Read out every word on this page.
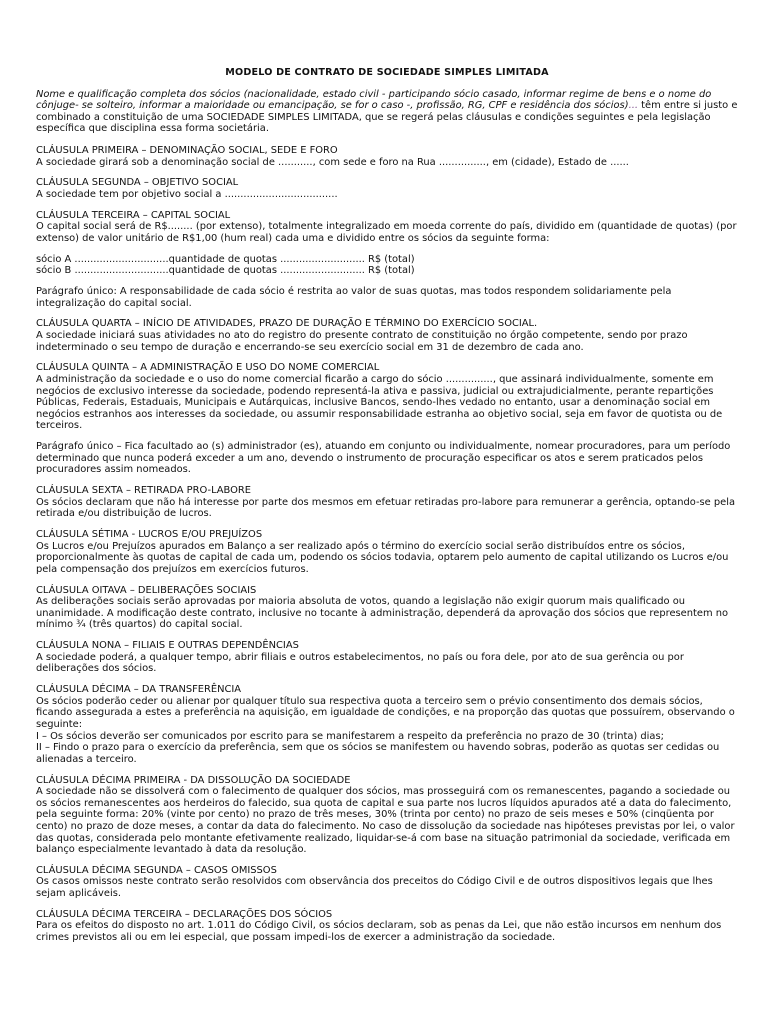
MODELO DE CONTRATO DE SOCIEDADE SIMPLES LIMITADA
Nome e qualificação completa dos sócios (nacionalidade, estado civil - participando sócio casado, informar regime de bens e o nome do cônjuge- se solteiro, informar a maioridade ou emancipação, se for o caso -, profissão, RG, CPF e residência dos sócios)... têm entre si justo e combinado a constituição de uma SOCIEDADE SIMPLES LIMITADA, que se regerá pelas cláusulas e condições seguintes e pela legislação específica que disciplina essa forma societária.
CLÁUSULA PRIMEIRA – DENOMINAÇÃO SOCIAL, SEDE E FORO
A sociedade girará sob a denominação social de ..........., com sede e foro na Rua ..............., em (cidade), Estado de ......
CLÁUSULA SEGUNDA – OBJETIVO SOCIAL
A sociedade tem por objetivo social a ....................................
CLÁUSULA TERCEIRA – CAPITAL SOCIAL
O capital social será de R$........ (por extenso), totalmente integralizado em moeda corrente do país, dividido em (quantidade de quotas) (por extenso) de valor unitário de R$1,00 (hum real) cada uma e dividido entre os sócios da seguinte forma:
sócio A ..............................quantidade de quotas ........................... R$ (total)
sócio B ..............................quantidade de quotas ........................... R$ (total)
Parágrafo único: A responsabilidade de cada sócio é restrita ao valor de suas quotas, mas todos respondem solidariamente pela integralização do capital social.
CLÁUSULA QUARTA – INÍCIO DE ATIVIDADES, PRAZO DE DURAÇÃO E TÉRMINO DO EXERCÍCIO SOCIAL.
A sociedade iniciará suas atividades no ato do registro do presente contrato de constituição no órgão competente, sendo por prazo indeterminado o seu tempo de duração e encerrando-se seu exercício social em 31 de dezembro de cada ano.
CLÁUSULA QUINTA – A ADMINISTRAÇÃO E USO DO NOME COMERCIAL
A administração da sociedade e o uso do nome comercial ficarão a cargo do sócio ..............., que assinará individualmente, somente em negócios de exclusivo interesse da sociedade, podendo representá-la ativa e passiva, judicial ou extrajudicialmente, perante repartições Públicas, Federais, Estaduais, Municipais e Autárquicas, inclusive Bancos, sendo-lhes vedado no entanto, usar a denominação social em negócios estranhos aos interesses da sociedade, ou assumir responsabilidade estranha ao objetivo social, seja em favor de quotista ou de terceiros.
Parágrafo único – Fica facultado ao (s) administrador (es), atuando em conjunto ou individualmente, nomear procuradores, para um período determinado que nunca poderá exceder a um ano, devendo o instrumento de procuração especificar os atos e serem praticados pelos procuradores assim nomeados.
CLÁUSULA SEXTA – RETIRADA PRO-LABORE
Os sócios declaram que não há interesse por parte dos mesmos em efetuar retiradas pro-labore para remunerar a gerência, optando-se pela retirada e/ou distribuição de lucros.
CLÁUSULA SÉTIMA - LUCROS E/OU PREJUÍZOS
Os Lucros e/ou Prejuízos apurados em Balanço a ser realizado após o término do exercício social serão distribuídos entre os sócios, proporcionalmente às quotas de capital de cada um, podendo os sócios todavia, optarem pelo aumento de capital utilizando os Lucros e/ou pela compensação dos prejuízos em exercícios futuros.
CLÁUSULA OITAVA – DELIBERAÇÕES SOCIAIS
As deliberações sociais serão aprovadas por maioria absoluta de votos, quando a legislação não exigir quorum mais qualificado ou unanimidade. A modificação deste contrato, inclusive no tocante à administração, dependerá da aprovação dos sócios que representem no mínimo ¾ (três quartos) do capital social.
CLÁUSULA NONA – FILIAIS E OUTRAS DEPENDÊNCIAS
A sociedade poderá, a qualquer tempo, abrir filiais e outros estabelecimentos, no país ou fora dele, por ato de sua gerência ou por deliberações dos sócios.
CLÁUSULA DÉCIMA – DA TRANSFERÊNCIA
Os sócios poderão ceder ou alienar por qualquer título sua respectiva quota a terceiro sem o prévio consentimento dos demais sócios, ficando assegurada a estes a preferência na aquisição, em igualdade de condições, e na proporção das quotas que possuírem, observando o seguinte:
I – Os sócios deverão ser comunicados por escrito para se manifestarem a respeito da preferência no prazo de 30 (trinta) dias;
II – Findo o prazo para o exercício da preferência, sem que os sócios se manifestem ou havendo sobras, poderão as quotas ser cedidas ou alienadas a terceiro.
CLÁUSULA DÉCIMA PRIMEIRA - DA DISSOLUÇÃO DA SOCIEDADE
A sociedade não se dissolverá com o falecimento de qualquer dos sócios, mas prosseguirá com os remanescentes, pagando a sociedade ou os sócios remanescentes aos herdeiros do falecido, sua quota de capital e sua parte nos lucros líquidos apurados até a data do falecimento, pela seguinte forma: 20% (vinte por cento) no prazo de três meses, 30% (trinta por cento) no prazo de seis meses e 50% (cinqüenta por cento) no prazo de doze meses, a contar da data do falecimento. No caso de dissolução da sociedade nas hipóteses previstas por lei, o valor das quotas, considerada pelo montante efetivamente realizado, liquidar-se-á com base na situação patrimonial da sociedade, verificada em balanço especialmente levantado à data da resolução.
CLÁUSULA DÉCIMA SEGUNDA – CASOS OMISSOS
Os casos omissos neste contrato serão resolvidos com observância dos preceitos do Código Civil e de outros dispositivos legais que lhes sejam aplicáveis.
CLÁUSULA DÉCIMA TERCEIRA – DECLARAÇÕES DOS SÓCIOS
Para os efeitos do disposto no art. 1.011 do Código Civil, os sócios declaram, sob as penas da Lei, que não estão incursos em nenhum dos crimes previstos ali ou em lei especial, que possam impedi-los de exercer a administração da sociedade.
